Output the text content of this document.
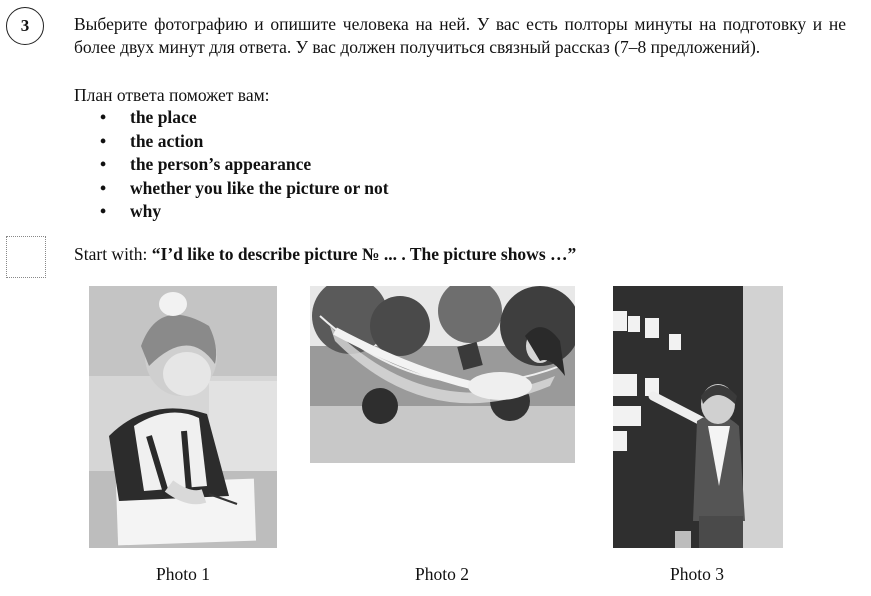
3	Выберите фотографию и опишите человека на ней. У вас есть полторы минуты на подготовку и не более двух минут для ответа. У вас должен получиться связный рассказ (7–8 предложений).
План ответа поможет вам:
• the place
• the action
• the person’s appearance
• whether you like the picture or not
• why
Start with: “I’d like to describe picture № ... . The picture shows …”
Photo 1	Photo 2	Photo 3
